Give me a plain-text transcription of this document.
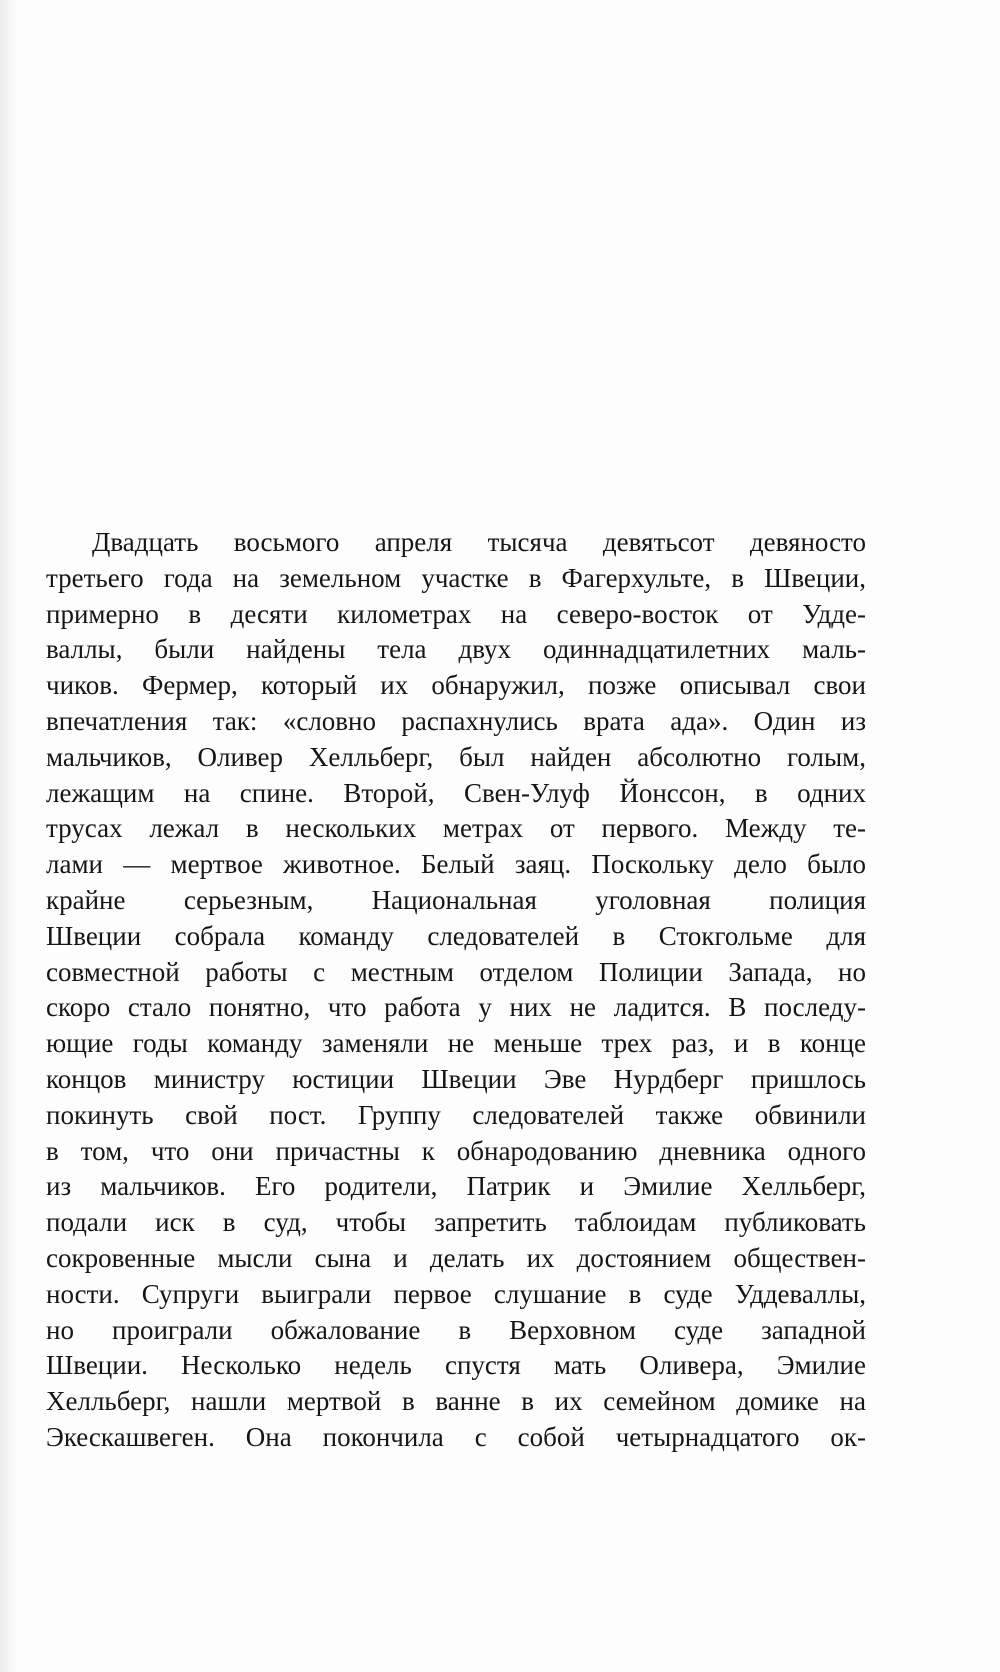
Двадцать восьмого апреля тысяча девятьсот девяносто
третьего года на земельном участке в Фагерхульте, в Швеции,
примерно в десяти километрах на северо-восток от Удде-
валлы, были найдены тела двух одиннадцатилетних маль-
чиков. Фермер, который их обнаружил, позже описывал свои
впечатления так: «словно распахнулись врата ада». Один из
мальчиков, Оливер Хелльберг, был найден абсолютно голым,
лежащим на спине. Второй, Свен-Улуф Йонссон, в одних
трусах лежал в нескольких метрах от первого. Между те-
лами — мертвое животное. Белый заяц. Поскольку дело было
крайне серьезным, Национальная уголовная полиция
Швеции собрала команду следователей в Стокгольме для
совместной работы с местным отделом Полиции Запада, но
скоро стало понятно, что работа у них не ладится. В последу-
ющие годы команду заменяли не меньше трех раз, и в конце
концов министру юстиции Швеции Эве Нурдберг пришлось
покинуть свой пост. Группу следователей также обвинили
в том, что они причастны к обнародованию дневника одного
из мальчиков. Его родители, Патрик и Эмилие Хелльберг,
подали иск в суд, чтобы запретить таблоидам публиковать
сокровенные мысли сына и делать их достоянием обществен-
ности. Супруги выиграли первое слушание в суде Уддеваллы,
но проиграли обжалование в Верховном суде западной
Швеции. Несколько недель спустя мать Оливера, Эмилие
Хелльберг, нашли мертвой в ванне в их семейном домике на
Экескашвеген. Она покончила с собой четырнадцатого ок-
